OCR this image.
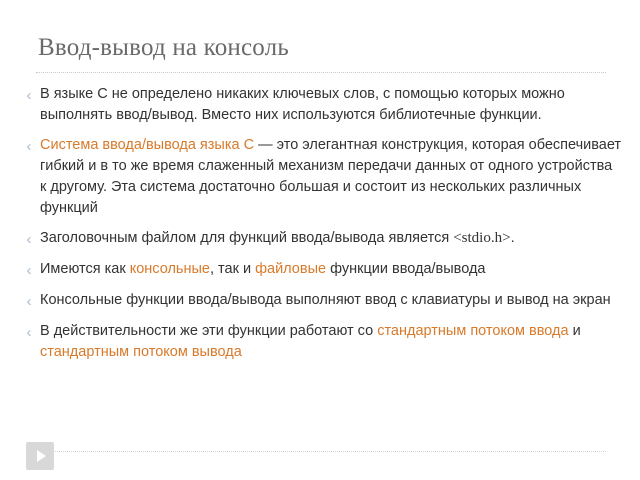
Ввод-вывод на консоль
‹ В языке С не определено никаких ключевых слов, с помощью которых можно выполнять ввод/вывод. Вместо них используются библиотечные функции.
‹ Система ввода/вывода языка С — это элегантная конструкция, которая обеспечивает гибкий и в то же время слаженный механизм передачи данных от одного устройства к другому. Эта система достаточно большая и состоит из нескольких различных функций
‹ Заголовочным файлом для функций ввода/вывода является <stdio.h>.
‹ Имеются как консольные, так и файловые функции ввода/вывода
‹ Консольные функции ввода/вывода выполняют ввод с клавиатуры и вывод на экран
‹ В действительности же эти функции работают со стандартным потоком ввода и стандартным потоком вывода
